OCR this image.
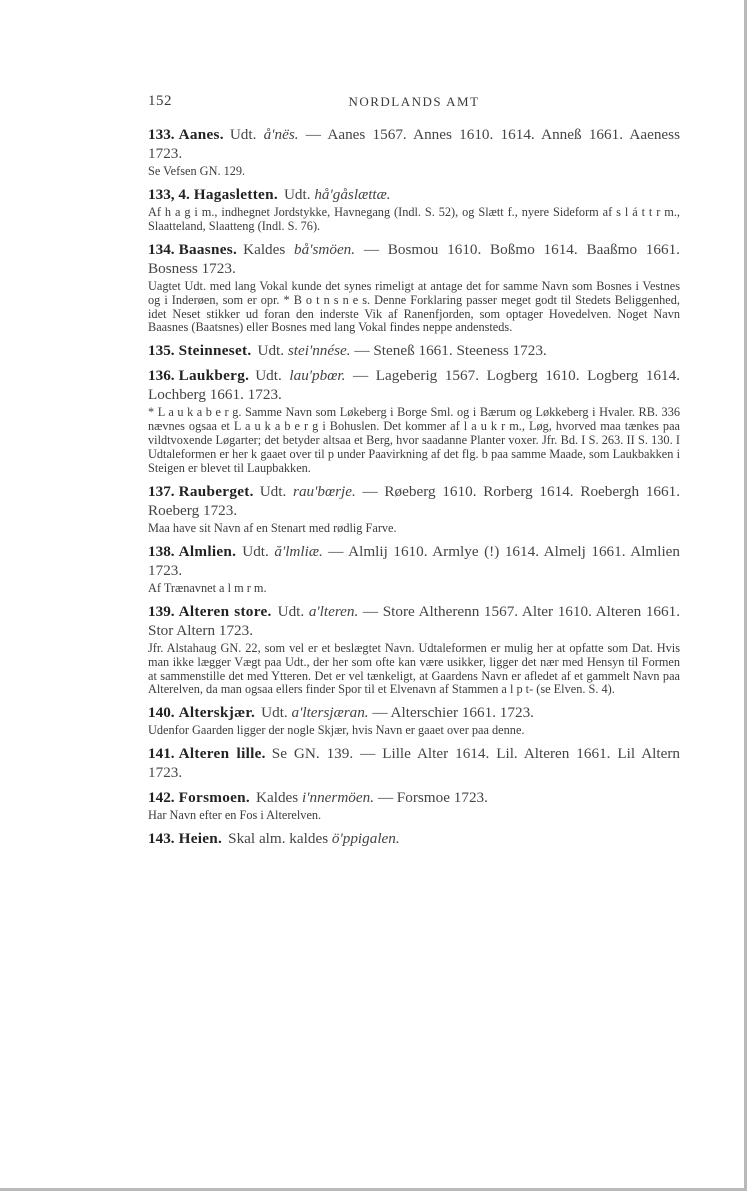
152	NORDLANDS AMT
133. Aanes. Udt. å'nës. — Aanes 1567. Annes 1610. 1614. Anneß 1661. Aaeness 1723.
Se Vefsen GN. 129.
133, 4. Hagasletten. Udt. hå'gåslættæ.
Af h a g i m., indhegnet Jordstykke, Havnegang (Indl. S. 52), og Slætt f., nyere Sideform af s l á t t r m., Slaatteland, Slaatteng (Indl. S. 76).
134. Baasnes. Kaldes bå'smöen. — Bosmou 1610. Boßmo 1614. Baaßmo 1661. Bosness 1723.
Uagtet Udt. med lang Vokal kunde det synes rimeligt at antage det for samme Navn som Bosnes i Vestnes og i Inderøen, som er opr. * B o t n s n e s. Denne Forklaring passer meget godt til Stedets Beliggenhed, idet Neset stikker ud foran den inderste Vik af Ranenfjorden, som optager Hovedelven. Noget Navn Baasnes (Baatsnes) eller Bosnes med lang Vokal findes neppe andensteds.
135. Steinneset. Udt. stei'nnése. — Steneß 1661. Steeness 1723.
136. Laukberg. Udt. lau'pbœr. — Lageberig 1567. Logberg 1610. Logberg 1614. Lochberg 1661. 1723.
* L a u k a b e r g. Samme Navn som Løkeberg i Borge Sml. og i Bærum og Løkkeberg i Hvaler. RB. 336 nævnes ogsaa et L a u k a b e r g i Bohuslen. Det kommer af l a u k r m., Løg, hvorved maa tænkes paa vildtvoxende Løgarter; det betyder altsaa et Berg, hvor saadanne Planter voxer. Jfr. Bd. I S. 263. II S. 130. I Udtaleformen er her k gaaet over til p under Paavirkning af det flg. b paa samme Maade, som Laukbakken i Steigen er blevet til Laupbakken.
137. Rauberget. Udt. rau'bœrje. — Røeberg 1610. Rorberg 1614. Roebergh 1661. Roeberg 1723.
Maa have sit Navn af en Stenart med rødlig Farve.
138. Almlien. Udt. ă'lmliæ. — Almlij 1610. Armlye (!) 1614. Almelj 1661. Almlien 1723.
Af Trænavnet a l m r m.
139. Alteren store. Udt. a'lteren. — Store Altherenn 1567. Alter 1610. Alteren 1661. Stor Altern 1723.
Jfr. Alstahaug GN. 22, som vel er et beslægtet Navn. Udtaleformen er mulig her at opfatte som Dat. Hvis man ikke lægger Vægt paa Udt., der her som ofte kan være usikker, ligger det nær med Hensyn til Formen at sammenstille det med Ytteren. Det er vel tænkeligt, at Gaardens Navn er afledet af et gammelt Navn paa Alterelven, da man ogsaa ellers finder Spor til et Elvenavn af Stammen a l p t- (se Elven. S. 4).
140. Alterskjær. Udt. a'ltersjæran. — Alterschier 1661. 1723.
Udenfor Gaarden ligger der nogle Skjær, hvis Navn er gaaet over paa denne.
141. Alteren lille. Se GN. 139. — Lille Alter 1614. Lil. Alteren 1661. Lil Altern 1723.
142. Forsmoen. Kaldes i'nnermöen. — Forsmoe 1723.
Har Navn efter en Fos i Alterelven.
143. Heien. Skal alm. kaldes ö'ppigalen.
